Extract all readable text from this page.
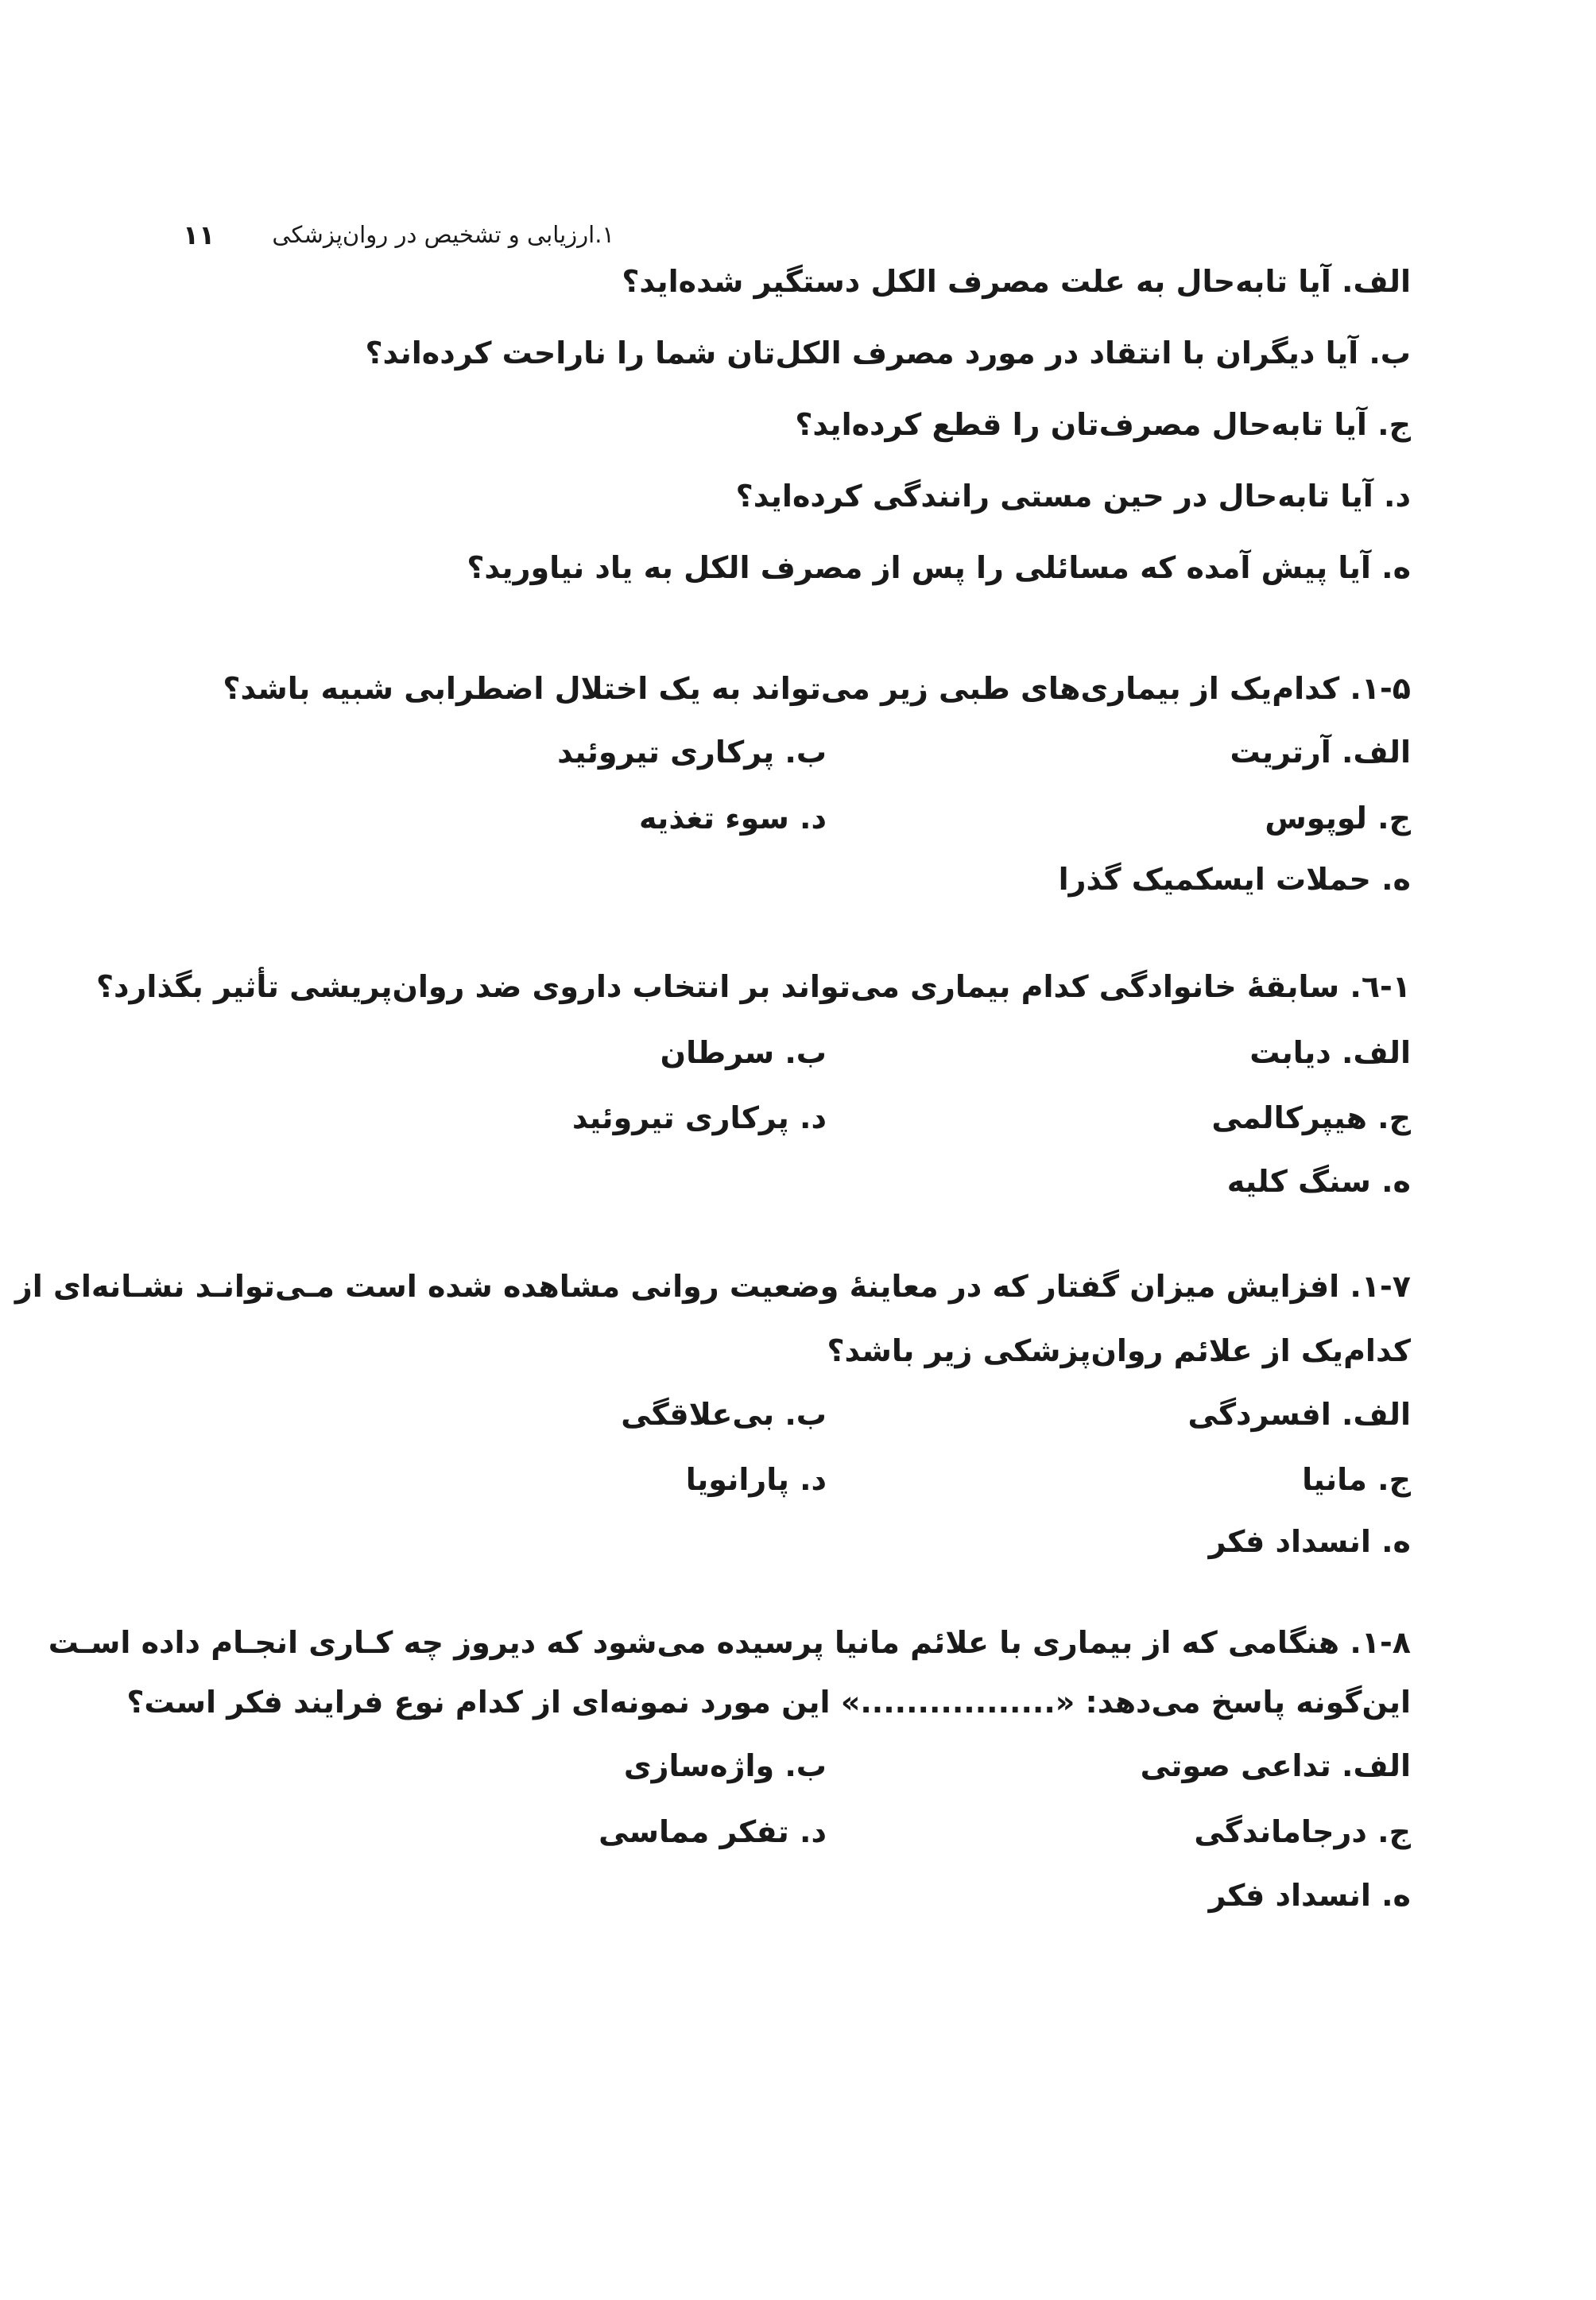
۱.ارزیابی و تشخیص در روان‌پزشکی
۱۱
الف. آیا تابه‌حال به علت مصرف الکل دستگیر شده‌اید؟
ب. آیا دیگران با انتقاد در مورد مصرف الکل‌تان شما را ناراحت کرده‌اند؟
ج. آیا تابه‌حال مصرف‌تان را قطع کرده‌اید؟
د. آیا تابه‌حال در حین مستی رانندگی کرده‌اید؟
ه. آیا پیش آمده که مسائلی را پس از مصرف الکل به یاد نیاورید؟
۱-۵. کدام‌یک از بیماری‌های طبی زیر می‌تواند به یک اختلال اضطرابی شبیه باشد؟
الف. آرتریت
ب. پرکاری تیروئید
ج. لوپوس
د. سوء تغذیه
ه. حملات ایسکمیک گذرا
۱-٦. سابقهٔ خانوادگی کدام بیماری می‌تواند بر انتخاب داروی ضد روان‌پریشی تأثیر بگذارد؟
الف. دیابت
ب. سرطان
ج. هیپرکالمی
د. پرکاری تیروئید
ه. سنگ کلیه
۱-۷. افزایش میزان گفتار که در معاینهٔ وضعیت روانی مشاهده شده است مـی‌توانـد نشـانه‌ای از
کدام‌یک از علائم روان‌پزشکی زیر باشد؟
الف. افسردگی
ب. بی‌علاقگی
ج. مانیا
د. پارانویا
ه. انسداد فکر
۱-۸. هنگامی که از بیماری با علائم مانیا پرسیده می‌شود که دیروز چه کـاری انجـام داده اسـت
این‌گونه پاسخ می‌دهد: «.................» این مورد نمونه‌ای از کدام نوع فرایند فکر است؟
الف. تداعی صوتی
ب. واژه‌سازی
ج. درجاماندگی
د. تفکر مماسی
ه. انسداد فکر
